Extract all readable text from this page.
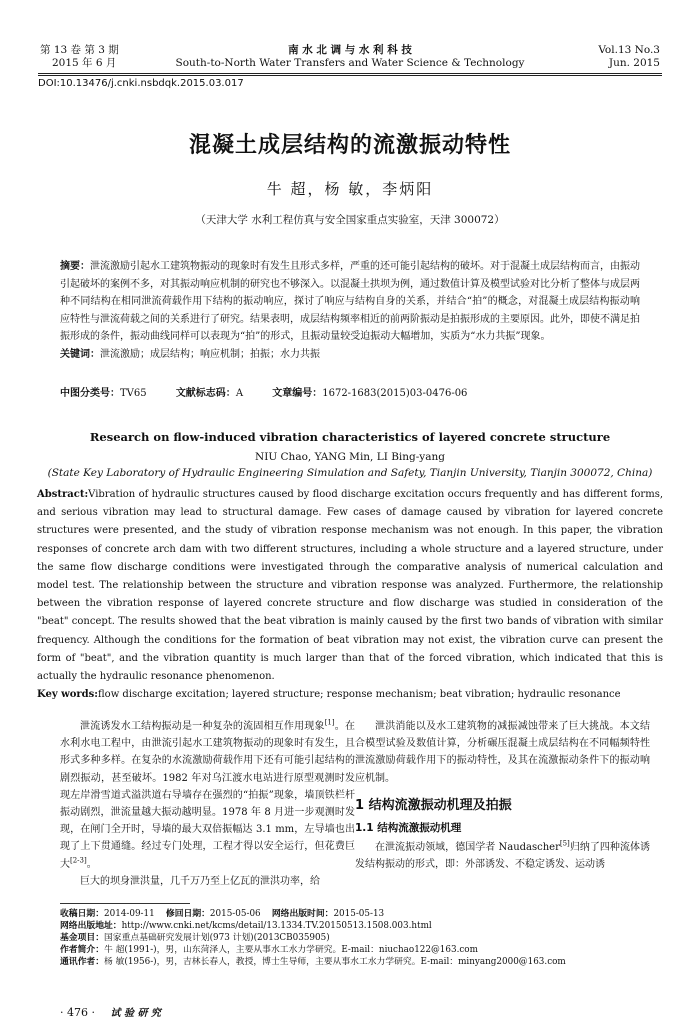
第 13 卷 第 3 期
2015 年 6 月
南 水 北 调 与 水 利 科 技
South-to-North Water Transfers and Water Science & Technology
Vol.13 No.3
Jun. 2015
DOI:10.13476/j.cnki.nsbdqk.2015.03.017
混凝土成层结构的流激振动特性
牛 超，杨 敏，李炳阳
（天津大学 水利工程仿真与安全国家重点实验室，天津 300072）
摘要：泄流激励引起水工建筑物振动的现象时有发生且形式多样，严重的还可能引起结构的破坏。对于混凝土成层结构而言，由振动引起破坏的案例不多，对其振动响应机制的研究也不够深入。以混凝土拱坝为例，通过数值计算及模型试验对比分析了整体与成层两种不同结构在相同泄流荷载作用下结构的振动响应，探讨了响应与结构自身的关系，并结合“拍”的概念，对混凝土成层结构振动响应特性与泄流荷载之间的关系进行了研究。结果表明，成层结构频率相近的前两阶振动是拍振形成的主要原因。此外，即使不满足拍振形成的条件，振动曲线同样可以表现为“拍”的形式，且振动量较受迫振动大幅增加，实质为“水力共振”现象。
关键词：泄流激励；成层结构；响应机制；拍振；水力共振
中图分类号：TV65	文献标志码：A	文章编号：1672-1683(2015)03-0476-06
Research on flow-induced vibration characteristics of layered concrete structure
NIU Chao, YANG Min, LI Bing-yang
(State Key Laboratory of Hydraulic Engineering Simulation and Safety, Tianjin University, Tianjin 300072, China)
Abstract:Vibration of hydraulic structures caused by flood discharge excitation occurs frequently and has different forms, and serious vibration may lead to structural damage. Few cases of damage caused by vibration for layered concrete structures were presented, and the study of vibration response mechanism was not enough. In this paper, the vibration responses of concrete arch dam with two different structures, including a whole structure and a layered structure, under the same flow discharge conditions were investigated through the comparative analysis of numerical calculation and model test. The relationship between the structure and vibration response was analyzed. Furthermore, the relationship between the vibration response of layered concrete structure and flow discharge was studied in consideration of the "beat" concept. The results showed that the beat vibration is mainly caused by the first two bands of vibration with similar frequency. Although the conditions for the formation of beat vibration may not exist, the vibration curve can present the form of "beat", and the vibration quantity is much larger than that of the forced vibration, which indicated that this is actually the hydraulic resonance phenomenon.
Key words:flow discharge excitation; layered structure; response mechanism; beat vibration; hydraulic resonance

泄流诱发水工结构振动是一种复杂的流固相互作用现象[1]。在水利水电工程中，由泄流引起水工建筑物振动的现象时有发生，且形式多种多样。在复杂的水流激励荷载作用下还有可能引起结构的剧烈振动，甚至破坏。1982 年对乌江渡水电站进行原型观测时发现左岸滑雪道式溢洪道右导墙存在强烈的“拍振”现象，墙顶铁栏杆振动剧烈，泄流量越大振动越明显。1978 年 8 月进一步观测时发现，在闸门全开时，导墙的最大双倍振幅达 3.1 mm，左导墙也出现了上下贯通缝。经过专门处理，工程才得以安全运行，但花费巨大[2-3]。

巨大的坝身泄洪量，几千万乃至上亿瓦的泄洪功率，给

泄洪消能以及水工建筑物的减振减蚀带来了巨大挑战。本文结合模型试验及数值计算，分析碾压混凝土成层结构在不同幅频特性泄流激励荷载作用下的振动特性，及其在流激振动条件下的振动响应机制。

1 结构流激振动机理及拍振
1.1 结构流激振动机理

在泄流振动领域，德国学者 Naudascher[5]归纳了四种流体诱发结构振动的形式，即：外部诱发、不稳定诱发、运动诱

收稿日期：2014-09-11 修回日期：2015-05-06 网络出版时间：2015-05-13
网络出版地址：http://www.cnki.net/kcms/detail/13.1334.TV.20150513.1508.003.html
基金项目：国家重点基础研究发展计划(973 计划)(2013CB035905)
作者简介：牛 超(1991-)，男，山东菏泽人，主要从事水工水力学研究。E-mail：niuchao122@163.com
通讯作者：杨 敏(1956-)，男，吉林长春人，教授，博士生导师，主要从事水工水力学研究。E-mail：minyang2000@163.com
· 476 · 试 验 研 究
